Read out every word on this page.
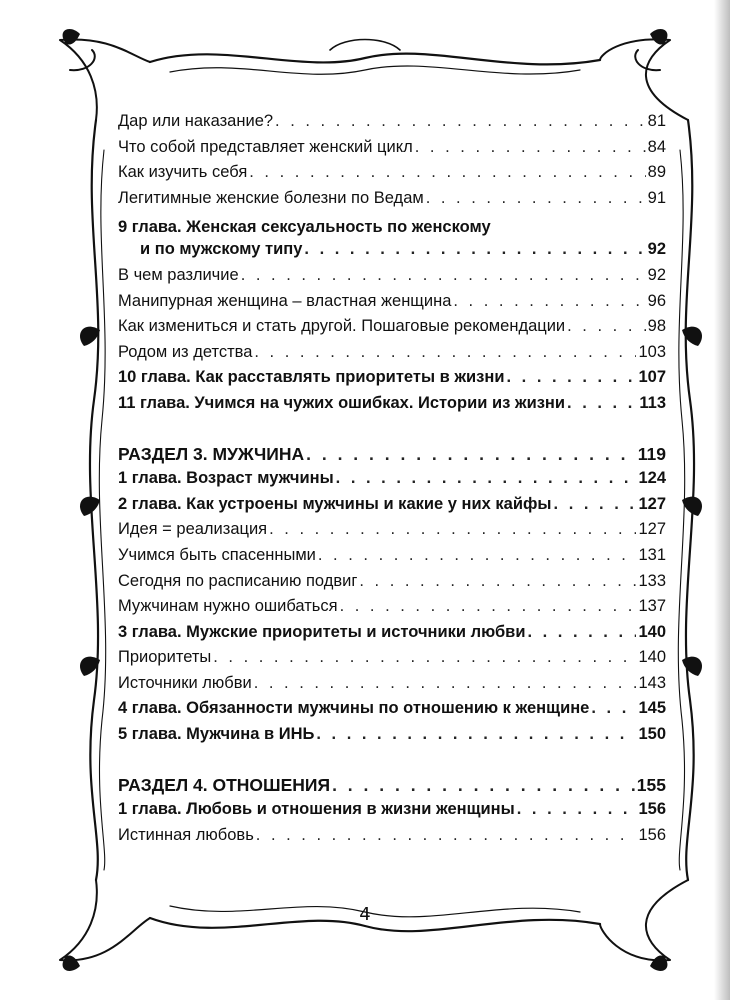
Дар или наказание? . . .	81
Что собой представляет женский цикл . . .	84
Как изучить себя . . .	89
Легитимные женские болезни по Ведам . . .	91
9 глава. Женская сексуальность по женскому
и по мужскому типу . . .	92
В чем различие . . .	92
Манипурная женщина – властная женщина . . .	96
Как измениться и стать другой. Пошаговые рекомендации . . .	98
Родом из детства . . .	103
10 глава. Как расставлять приоритеты в жизни . . .	107
11 глава. Учимся на чужих ошибках. Истории из жизни . . .	113
РАЗДЕЛ 3. МУЖЧИНА . . .	119
1 глава. Возраст мужчины . . .	124
2 глава. Как устроены мужчины и какие у них кайфы . . .	127
Идея = реализация . . .	127
Учимся быть спасенными . . .	131
Сегодня по расписанию подвиг . . .	133
Мужчинам нужно ошибаться . . .	137
3 глава. Мужские приоритеты и источники любви . . .	140
Приоритеты . . .	140
Источники любви . . .	143
4 глава. Обязанности мужчины по отношению к женщине . . .	145
5 глава. Мужчина в ИНЬ . . .	150
РАЗДЕЛ 4. ОТНОШЕНИЯ . . .	155
1 глава. Любовь и отношения в жизни женщины . . .	156
Истинная любовь . . .	156
4
